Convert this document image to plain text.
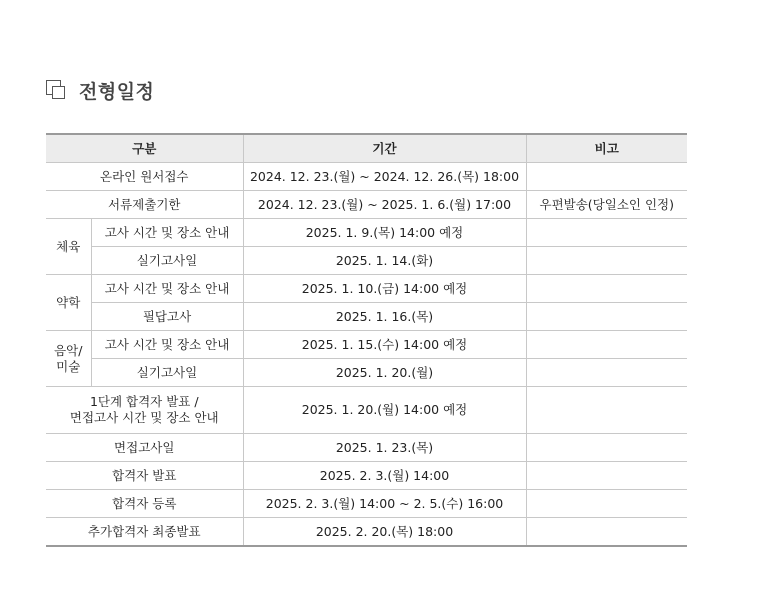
전형일정
구분		기간	비고
온라인 원서접수		2024. 12. 23.(월) ~ 2024. 12. 26.(목) 18:00	
서류제출기한		2024. 12. 23.(월) ~ 2025. 1. 6.(월) 17:00	우편발송(당일소인 인정)
체육	고사 시간 및 장소 안내	2025. 1. 9.(목) 14:00 예정	
	실기고사일	2025. 1. 14.(화)	
약학	고사 시간 및 장소 안내	2025. 1. 10.(금) 14:00 예정	
	필답고사	2025. 1. 16.(목)	

음악/
미술	고사 시간 및 장소 안내	2025. 1. 15.(수) 14:00 예정	
	실기고사일	2025. 1. 20.(월)	

1단계 합격자 발표 /
면접고사 시간 및 장소 안내		2025. 1. 20.(월) 14:00 예정	
면접고사일		2025. 1. 23.(목)	
합격자 발표		2025. 2. 3.(월) 14:00	
합격자 등록		2025. 2. 3.(월) 14:00 ~ 2. 5.(수) 16:00	
추가합격자 최종발표		2025. 2. 20.(목) 18:00	
